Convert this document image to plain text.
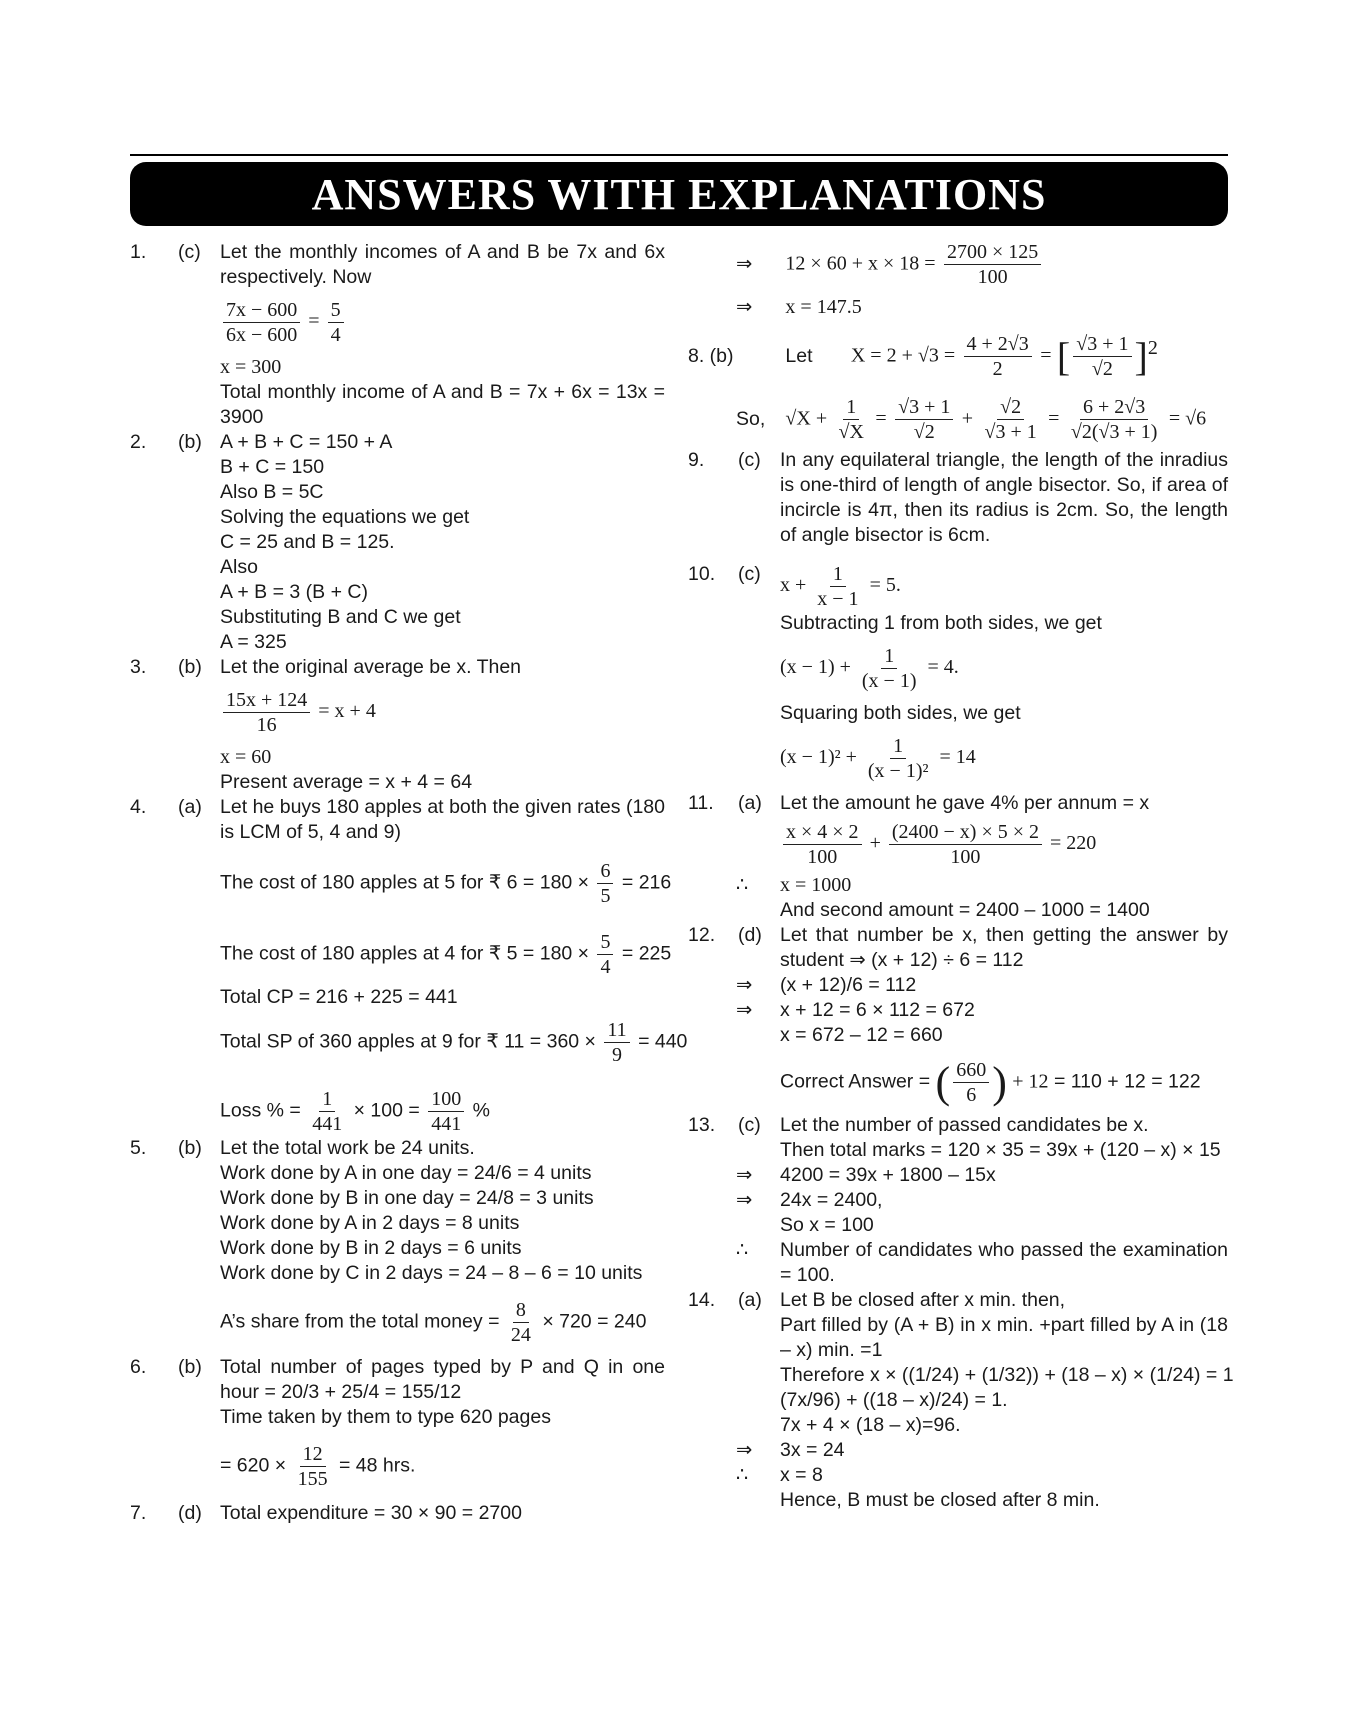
ANSWERS WITH EXPLANATIONS
1. (c) Let the monthly incomes of A and B be 7x and 6x respectively. Now
$\frac{7x - 600}{6x - 600} = \frac{5}{4}$
x = 300
Total monthly income of A and B = 7x + 6x = 13x = 3900
2. (b) A + B + C = 150 + A
B + C = 150
Also B = 5C
Solving the equations we get
C = 25 and B = 125.
Also
A + B = 3 (B + C)
Substituting B and C we get
A = 325
3. (b) Let the original average be x. Then
$\frac{15x + 124}{16} = x + 4$
x = 60
Present average = x + 4 = 64
4. (a) Let he buys 180 apples at both the given rates (180 is LCM of 5, 4 and 9)
The cost of 180 apples at 5 for ₹ $6 = 180 \times \frac{6}{5} = 216$
The cost of 180 apples at 4 for ₹ $5 = 180 \times \frac{5}{4} = 225$
Total CP = 216 + 225 = 441
Total SP of 360 apples at 9 for ₹ $11 = 360 \times \frac{11}{9} = 440$
Loss % = $\frac{1}{441} \times 100 = \frac{100}{441}$ %
5. (b) Let the total work be 24 units.
Work done by A in one day = 24/6 = 4 units
Work done by B in one day = 24/8 = 3 units
Work done by A in 2 days = 8 units
Work done by B in 2 days = 6 units
Work done by C in 2 days = 24 – 8 – 6 = 10 units
A’s share from the total money = $\frac{8}{24} \times 720 = 240$
6. (b) Total number of pages typed by P and Q in one hour = 20/3 + 25/4 = 155/12
Time taken by them to type 620 pages
= $620 \times \frac{12}{155} = 48$ hrs.
7. (d) Total expenditure = 30 × 90 = 2700
⇒ $12 \times 60 + x \times 18 = \frac{2700 \times 125}{100}$
⇒ x = 147.5
8. (b)	Let $X = 2 + √3 = \frac{4 + 2√3}{2}$ = [ $\frac{√3 + 1}{√2} ]^2$
So, $√X + \frac{1}{√X} = \frac{√3 + 1}{√2} + \frac{√2}{√3 + 1} = \frac{6 + 2√3}{√2(√3 + 1)} = √6$
9. (c) In any equilateral triangle, the length of the inradius is one-third of length of angle bisector. So, if area of incircle is 4π, then its radius is 2cm. So, the length of angle bisector is 6cm.
10. (c)
$x + \frac{1}{x - 1} = 5$.
Subtracting 1 from both sides, we get
$(x - 1) + \frac{1}{(x - 1)} = 4$.
Squaring both sides, we get
$(x - 1)^2 + \frac{1}{\text{(x − 1)²}} = 14$
11. (a) Let the amount he gave 4% per annum = x
$\frac{x \times 4 \times 2}{100} + \frac{(2400 - x) \times 5 \times 2}{100} = 220$
∴ x = 1000
And second amount = 2400 – 1000 = 1400
12. (d) Let that number be x, then getting the answer by student ⇒ (x + 12) ÷ 6 = 112
⇒ (x + 12)/6 = 112
⇒ x + 12 = 6 × 112 = 672
x = 672 – 12 = 660
Correct Answer = ( $\frac{660}{6}$ ) + 12 = 110 + 12 = 122
13. (c) Let the number of passed candidates be x.
Then total marks = 120 × 35 = 39x + (120 – x) × 15
⇒ 4200 = 39x + 1800 – 15x
⇒ 24x = 2400,
So x = 100
∴	Number of candidates who passed the examination = 100.
14. (a) Let B be closed after x min. then,
Part filled by (A + B) in x min. +part filled by A in (18 – x) min. =1
Therefore x × ((1/24) + (1/32)) + (18 – x) × (1/24) = 1
(7x/96) + ((18 – x)/24) = 1.
7x + 4 × (18 – x)=96.
⇒ 3x = 24
∴ x = 8
Hence, B must be closed after 8 min.
